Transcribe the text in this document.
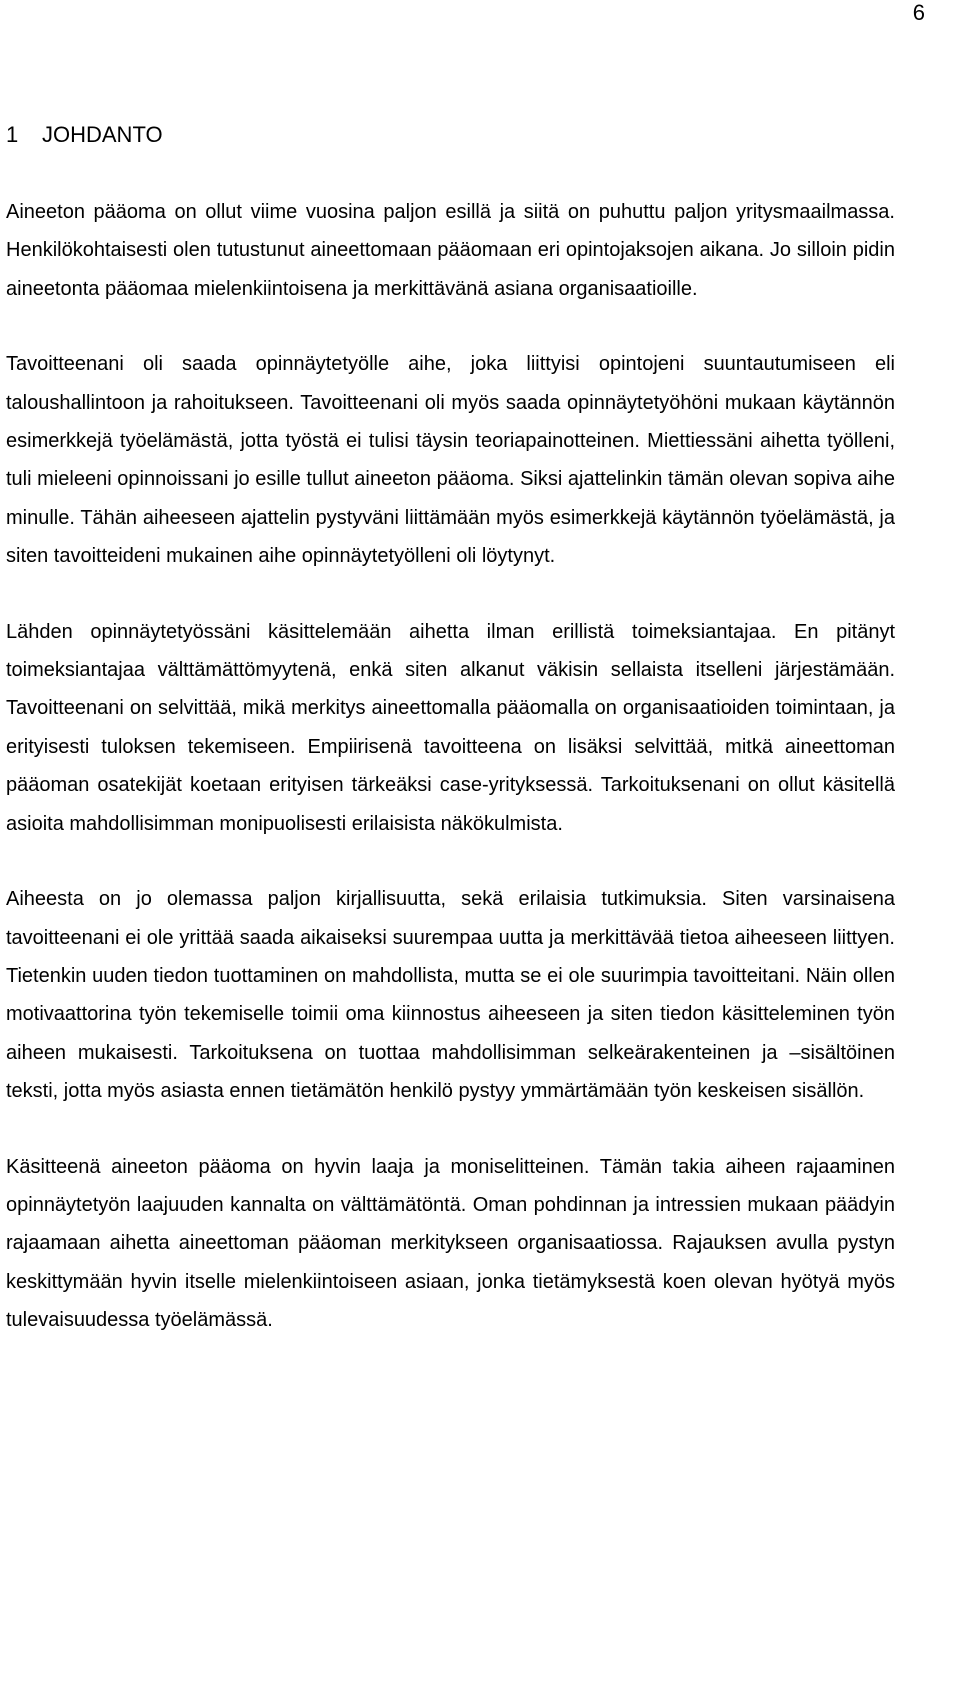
6
1 JOHDANTO

Aineeton pääoma on ollut viime vuosina paljon esillä ja siitä on puhuttu paljon yritysmaailmassa. Henkilökohtaisesti olen tutustunut aineettomaan pääomaan eri opintojaksojen aikana. Jo silloin pidin aineetonta pääomaa mielenkiintoisena ja merkittävänä asiana organisaatioille.

Tavoitteenani oli saada opinnäytetyölle aihe, joka liittyisi opintojeni suuntautumiseen eli taloushallintoon ja rahoitukseen. Tavoitteenani oli myös saada opinnäytetyöhöni mukaan käytännön esimerkkejä työelämästä, jotta työstä ei tulisi täysin teoriapainotteinen. Miettiessäni aihetta työlleni, tuli mieleeni opinnoissani jo esille tullut aineeton pääoma. Siksi ajattelinkin tämän olevan sopiva aihe minulle. Tähän aiheeseen ajattelin pystyväni liittämään myös esimerkkejä käytännön työelämästä, ja siten tavoitteideni mukainen aihe opinnäytetyölleni oli löytynyt.

Lähden opinnäytetyössäni käsittelemään aihetta ilman erillistä toimeksiantajaa. En pitänyt toimeksiantajaa välttämättömyytenä, enkä siten alkanut väkisin sellaista itselleni järjestämään. Tavoitteenani on selvittää, mikä merkitys aineettomalla pääomalla on organisaatioiden toimintaan, ja erityisesti tuloksen tekemiseen. Empiirisenä tavoitteena on lisäksi selvittää, mitkä aineettoman pääoman osatekijät koetaan erityisen tärkeäksi case-yrityksessä. Tarkoituksenani on ollut käsitellä asioita mahdollisimman monipuolisesti erilaisista näkökulmista.

Aiheesta on jo olemassa paljon kirjallisuutta, sekä erilaisia tutkimuksia. Siten varsinaisena tavoitteenani ei ole yrittää saada aikaiseksi suurempaa uutta ja merkittävää tietoa aiheeseen liittyen. Tietenkin uuden tiedon tuottaminen on mahdollista, mutta se ei ole suurimpia tavoitteitani. Näin ollen motivaattorina työn tekemiselle toimii oma kiinnostus aiheeseen ja siten tiedon käsitteleminen työn aiheen mukaisesti. Tarkoituksena on tuottaa mahdollisimman selkeärakenteinen ja –sisältöinen teksti, jotta myös asiasta ennen tietämätön henkilö pystyy ymmärtämään työn keskeisen sisällön.

Käsitteenä aineeton pääoma on hyvin laaja ja moniselitteinen. Tämän takia aiheen rajaaminen opinnäytetyön laajuuden kannalta on välttämätöntä. Oman pohdinnan ja intressien mukaan päädyin rajaamaan aihetta aineettoman pääoman merkitykseen organisaatiossa. Rajauksen avulla pystyn keskittymään hyvin itselle mielenkiintoiseen asiaan, jonka tietämyksestä koen olevan hyötyä myös tulevaisuudessa työelämässä.
